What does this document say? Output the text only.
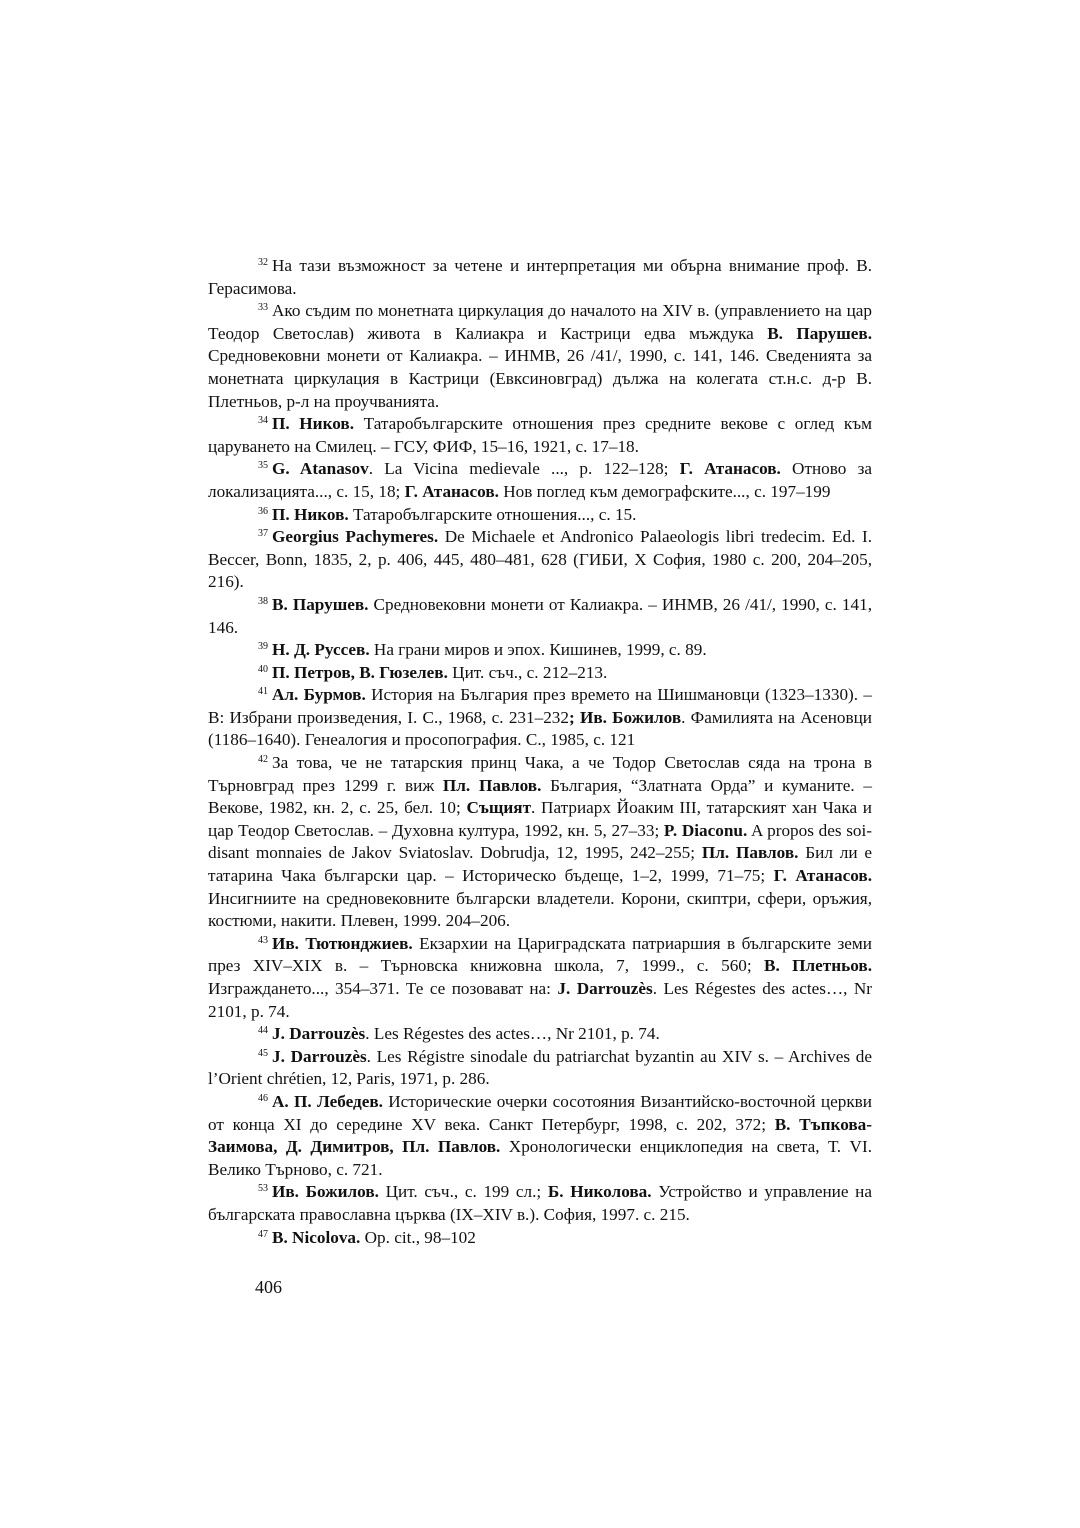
$^{32}$ На тази възможност за четене и интерпретация ми обърна внимание проф. В. Герасимова.

$^{33}$ Ако съдим по монетната циркулация до началото на XIV в. (управлението на цар Теодор Светослав) живота в Калиакра и Кастрици едва мъждука В. Парушев. Средновековни монети от Калиакра. – ИНМВ, 26 /41/, 1990, с. 141, 146. Сведенията за монетната циркулация в Кастрици (Евксиновград) дължа на колегата ст.н.с. д-р В. Плетньов, р-л на проучванията.

$^{34}$ П. Ников. Татаробългарските отношения през средните векове с оглед към царуването на Смилец. – ГСУ, ФИФ, 15–16, 1921, с. 17–18.

$^{35}$ G. Atanasov. La Vicina medievale ..., p. 122–128; Г. Атанасов. Отново за локализацията..., с. 15, 18; Г. Атанасов. Нов поглед към демографските..., с. 197–199

$^{36}$ П. Ников. Татаробългарските отношения..., с. 15.

$^{37}$ Georgius Pachymeres. De Michaele et Andronico Palaeologis libri tredecim. Ed. I. Beccer, Bonn, 1835, 2, p. 406, 445, 480–481, 628 (ГИБИ, X София, 1980 с. 200, 204–205, 216).

$^{38}$ В. Парушев. Средновековни монети от Калиакра. – ИНМВ, 26 /41/, 1990, с. 141, 146.

$^{39}$ Н. Д. Руссев. На грани миров и эпох. Кишинев, 1999, с. 89.

$^{40}$ П. Петров, В. Гюзелев. Цит. съч., с. 212–213.

$^{41}$ Ал. Бурмов. История на България през времето на Шишмановци (1323–1330). – В: Избрани произведения, I. С., 1968, с. 231–232; Ив. Божилов. Фамилията на Асеновци (1186–1640). Генеалогия и просопография. С., 1985, с. 121

$^{42}$ За това, че не татарския принц Чака, а че Тодор Светослав сяда на трона в Търновград през 1299 г. виж Пл. Павлов. България, “Златната Орда” и куманите. – Векове, 1982, кн. 2, с. 25, бел. 10; Същият. Патриарх Йоаким III, татарският хан Чака и цар Теодор Светослав. – Духовна култура, 1992, кн. 5, 27–33; P. Diaconu. A propos des soi-disant monnaies de Jakov Sviatoslav. Dobrudja, 12, 1995, 242–255; Пл. Павлов. Бил ли е татарина Чака български цар. – Историческо бъдеще, 1–2, 1999, 71–75; Г. Атанасов. Инсигниите на средновековните български владетели. Корони, скиптри, сфери, оръжия, костюми, накити. Плевен, 1999. 204–206.

$^{43}$ Ив. Тютюнджиев. Екзархии на Цариградската патриаршия в българските земи през XIV–XIX в. – Търновска книжовна школа, 7, 1999., с. 560; В. Плетньов. Изграждането..., 354–371. Те се позовават на: J. Darrouzès. Les Régestes des actes…, Nr 2101, p. 74.

$^{44}$ J. Darrouzès. Les Régestes des actes…, Nr 2101, p. 74.

$^{45}$ J. Darrouzès. Les Régistre sinodale du patriarchat byzantin au XIV s. – Archives de l’Orient chrétien, 12, Paris, 1971, p. 286.

$^{46}$ А. П. Лебедев. Исторические очерки сосотояния Византийско-восточной церкви от конца XI до середине XV века. Санкт Петербург, 1998, с. 202, 372; В. Тъпкова-Заимова, Д. Димитров, Пл. Павлов. Хронологически енциклопедия на света, Т. VI. Велико Търново, с. 721.

$^{53}$ Ив. Божилов. Цит. съч., с. 199 сл.; Б. Николова. Устройство и управление на българската православна църква (IX–XIV в.). София, 1997. с. 215.

$^{47}$ B. Nicolova. Op. cit., 98–102

406
